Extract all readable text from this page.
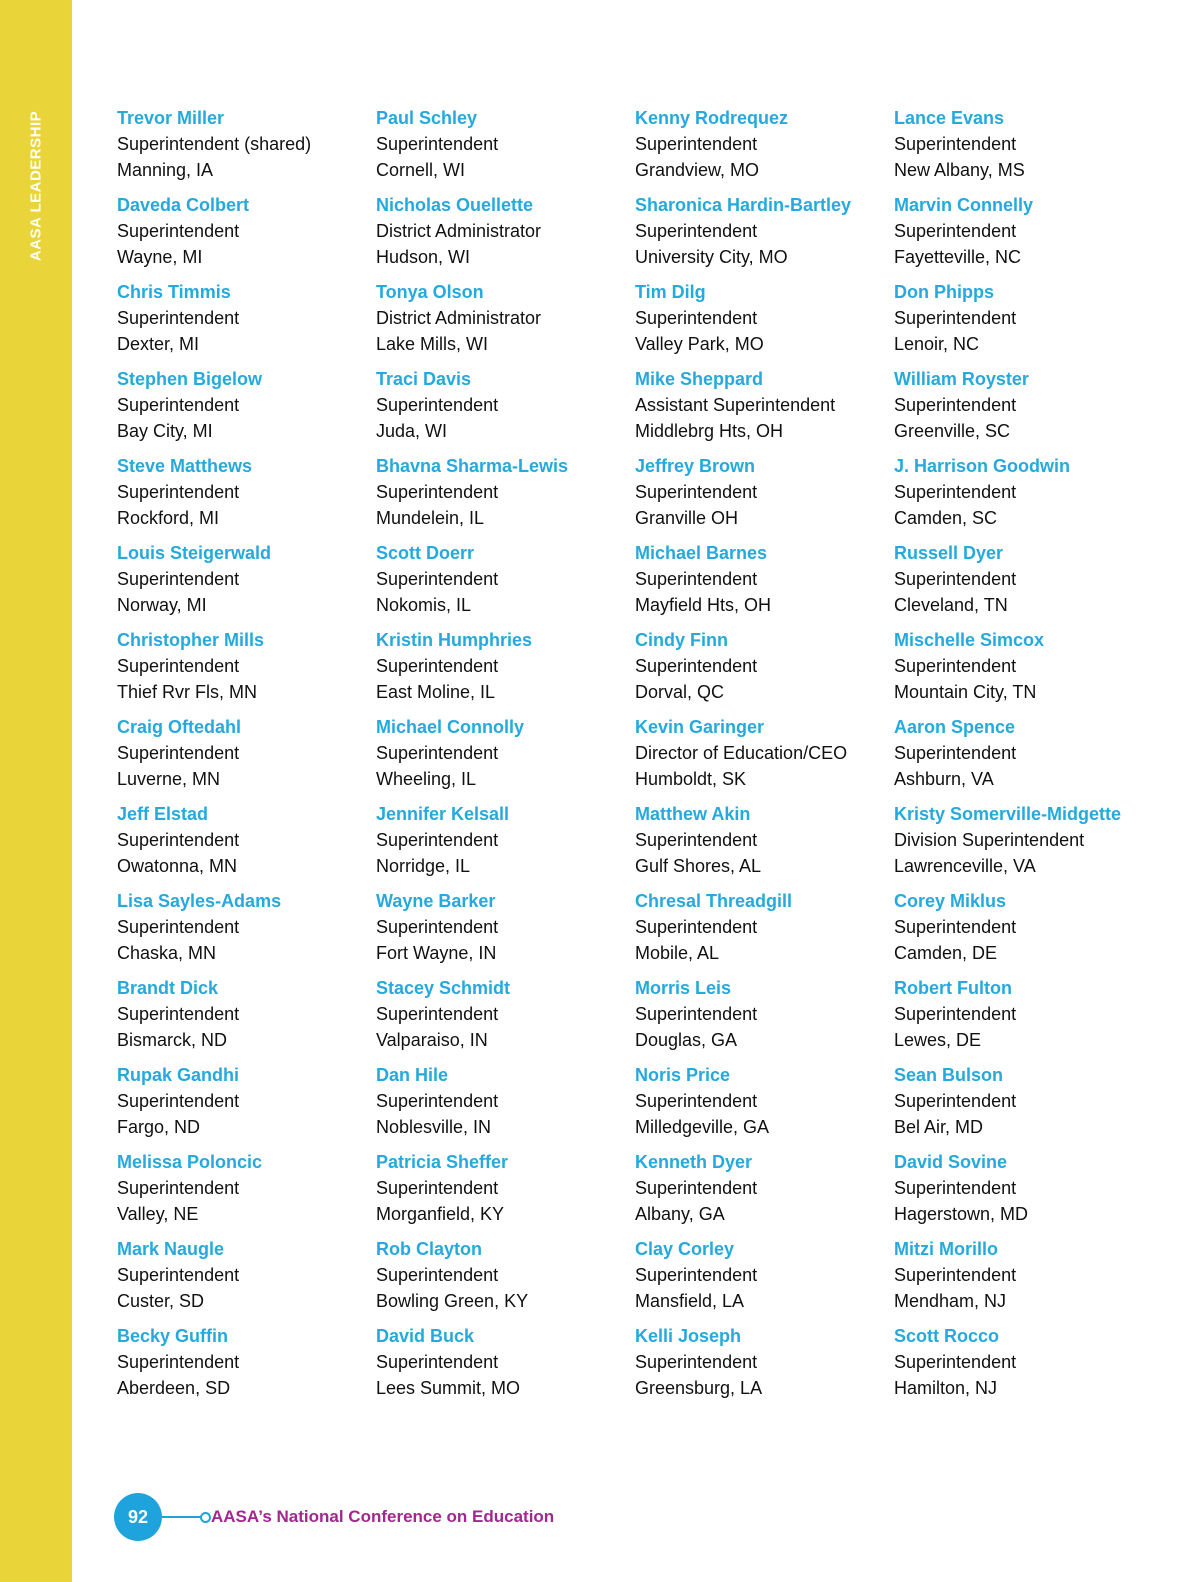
AASA LEADERSHIP	Trevor Miller
Superintendent (shared)
Manning, IA
Paul Schley
Superintendent
Cornell, WI
Kenny Rodrequez
Superintendent
Grandview, MO
Lance Evans
Superintendent
New Albany, MS
Daveda Colbert
Superintendent
Wayne, MI
Nicholas Ouellette
District Administrator
Hudson, WI
Sharonica Hardin-Bartley
Superintendent
University City, MO
Marvin Connelly
Superintendent
Fayetteville, NC
Chris Timmis
Superintendent
Dexter, MI
Tonya Olson
District Administrator
Lake Mills, WI
Tim Dilg
Superintendent
Valley Park, MO
Don Phipps
Superintendent
Lenoir, NC
Stephen Bigelow
Superintendent
Bay City, MI
Traci Davis
Superintendent
Juda, WI
Mike Sheppard
Assistant Superintendent
Middlebrg Hts, OH
William Royster
Superintendent
Greenville, SC
Steve Matthews
Superintendent
Rockford, MI
Bhavna Sharma-Lewis
Superintendent
Mundelein, IL
Jeffrey Brown
Superintendent
Granville OH
J. Harrison Goodwin
Superintendent
Camden, SC
Louis Steigerwald
Superintendent
Norway, MI
Scott Doerr
Superintendent
Nokomis, IL
Michael Barnes
Superintendent
Mayfield Hts, OH
Russell Dyer
Superintendent
Cleveland, TN
Christopher Mills
Superintendent
Thief Rvr Fls, MN
Kristin Humphries
Superintendent
East Moline, IL
Cindy Finn
Superintendent
Dorval, QC
Mischelle Simcox
Superintendent
Mountain City, TN
Craig Oftedahl
Superintendent
Luverne, MN
Michael Connolly
Superintendent
Wheeling, IL
Kevin Garinger
Director of Education/CEO
Humboldt, SK
Aaron Spence
Superintendent
Ashburn, VA
Jeff Elstad
Superintendent
Owatonna, MN
Jennifer Kelsall
Superintendent
Norridge, IL
Matthew Akin
Superintendent
Gulf Shores, AL
Kristy Somerville-Midgette
Division Superintendent
Lawrenceville, VA
Lisa Sayles-Adams
Superintendent
Chaska, MN
Wayne Barker
Superintendent
Fort Wayne, IN
Chresal Threadgill
Superintendent
Mobile, AL
Corey Miklus
Superintendent
Camden, DE
Brandt Dick
Superintendent
Bismarck, ND
Stacey Schmidt
Superintendent
Valparaiso, IN
Morris Leis
Superintendent
Douglas, GA
Robert Fulton
Superintendent
Lewes, DE
Rupak Gandhi
Superintendent
Fargo, ND
Dan Hile
Superintendent
Noblesville, IN
Noris Price
Superintendent
Milledgeville, GA
Sean Bulson
Superintendent
Bel Air, MD
Melissa Poloncic
Superintendent
Valley, NE
Patricia Sheffer
Superintendent
Morganfield, KY
Kenneth Dyer
Superintendent
Albany, GA
David Sovine
Superintendent
Hagerstown, MD
Mark Naugle
Superintendent
Custer, SD
Rob Clayton
Superintendent
Bowling Green, KY
Clay Corley
Superintendent
Mansfield, LA
Mitzi Morillo
Superintendent
Mendham, NJ
Becky Guffin
Superintendent
Aberdeen, SD
David Buck
Superintendent
Lees Summit, MO
Kelli Joseph
Superintendent
Greensburg, LA
Scott Rocco
Superintendent
Hamilton, NJ
92	AASA’s National Conference on Education
